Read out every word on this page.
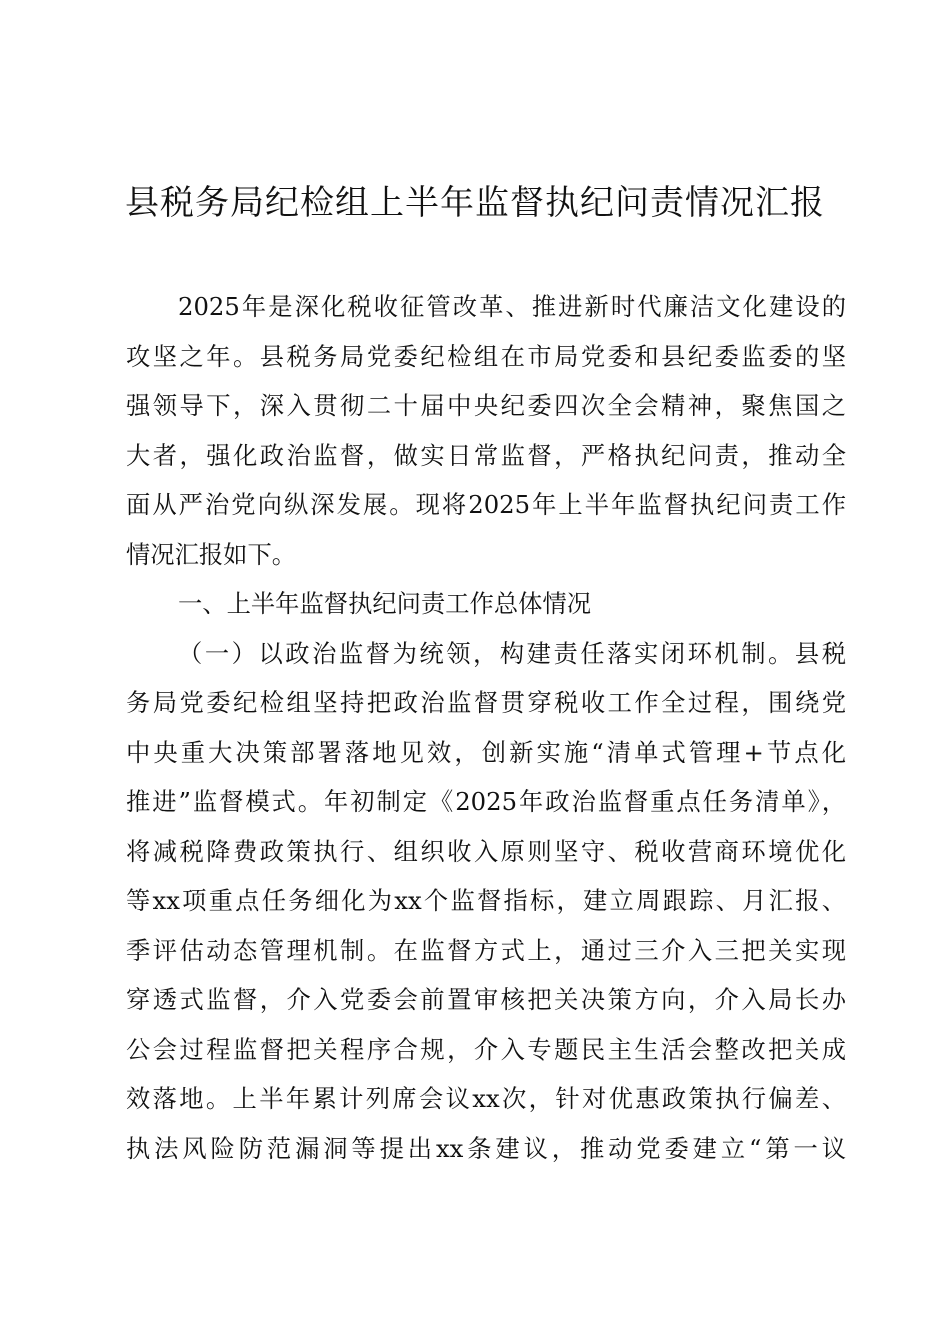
县税务局纪检组上半年监督执纪问责情况汇报
2025年是深化税收征管改革、推进新时代廉洁文化建设的
攻坚之年。县税务局党委纪检组在市局党委和县纪委监委的坚
强领导下，深入贯彻二十届中央纪委四次全会精神，聚焦国之
大者，强化政治监督，做实日常监督，严格执纪问责，推动全
面从严治党向纵深发展。现将2025年上半年监督执纪问责工作
情况汇报如下。
一、上半年监督执纪问责工作总体情况
（一）以政治监督为统领，构建责任落实闭环机制。县税
务局党委纪检组坚持把政治监督贯穿税收工作全过程，围绕党
中央重大决策部署落地见效，创新实施“清单式管理+节点化
推进”监督模式。年初制定《2025年政治监督重点任务清单》，
将减税降费政策执行、组织收入原则坚守、税收营商环境优化
等xx项重点任务细化为xx个监督指标，建立周跟踪、月汇报、
季评估动态管理机制。在监督方式上，通过三介入三把关实现
穿透式监督，介入党委会前置审核把关决策方向，介入局长办
公会过程监督把关程序合规，介入专题民主生活会整改把关成
效落地。上半年累计列席会议xx次，针对优惠政策执行偏差、
执法风险防范漏洞等提出xx条建议，推动党委建立“第一议
